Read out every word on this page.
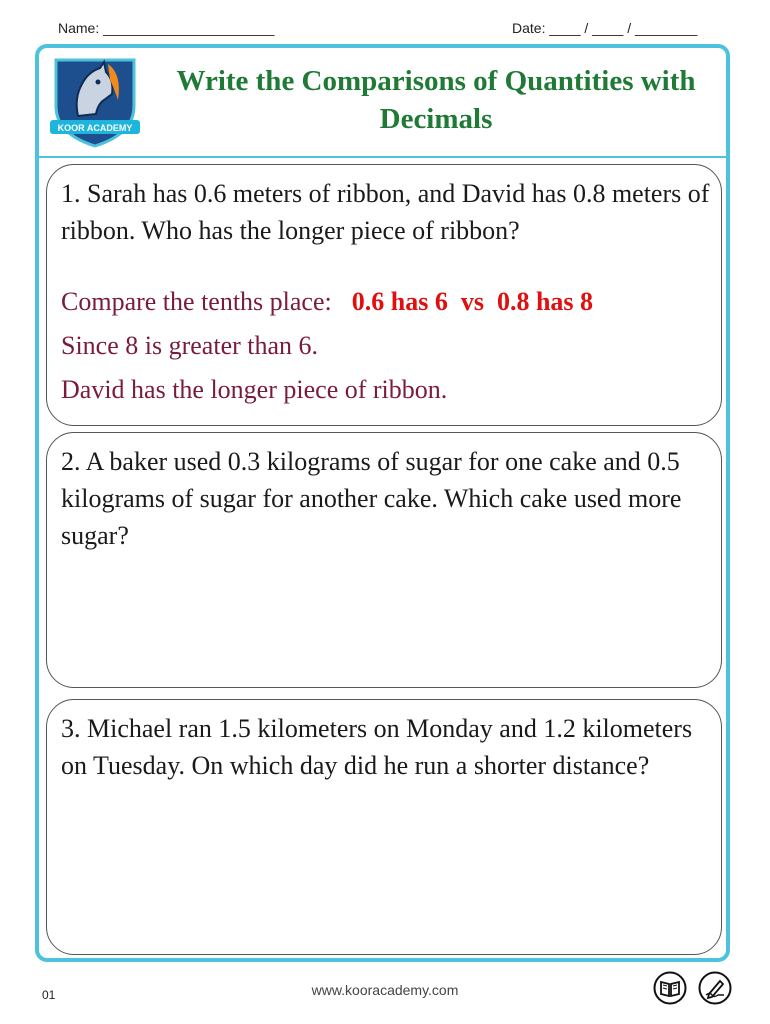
Name: ______________________	Date: ____ / ____ / ________
KOOR ACADEMY
Write the Comparisons of Quantities with Decimals
1. Sarah has 0.6 meters of ribbon, and David has 0.8 meters of ribbon. Who has the longer piece of ribbon?
Compare the tenths place: 0.6 has 6 vs 0.8 has 8
Since 8 is greater than 6.
David has the longer piece of ribbon.
2. A baker used 0.3 kilograms of sugar for one cake and 0.5 kilograms of sugar for another cake. Which cake used more sugar?
3. Michael ran 1.5 kilometers on Monday and 1.2 kilometers on Tuesday. On which day did he run a shorter distance?
01	www.kooracademy.com
